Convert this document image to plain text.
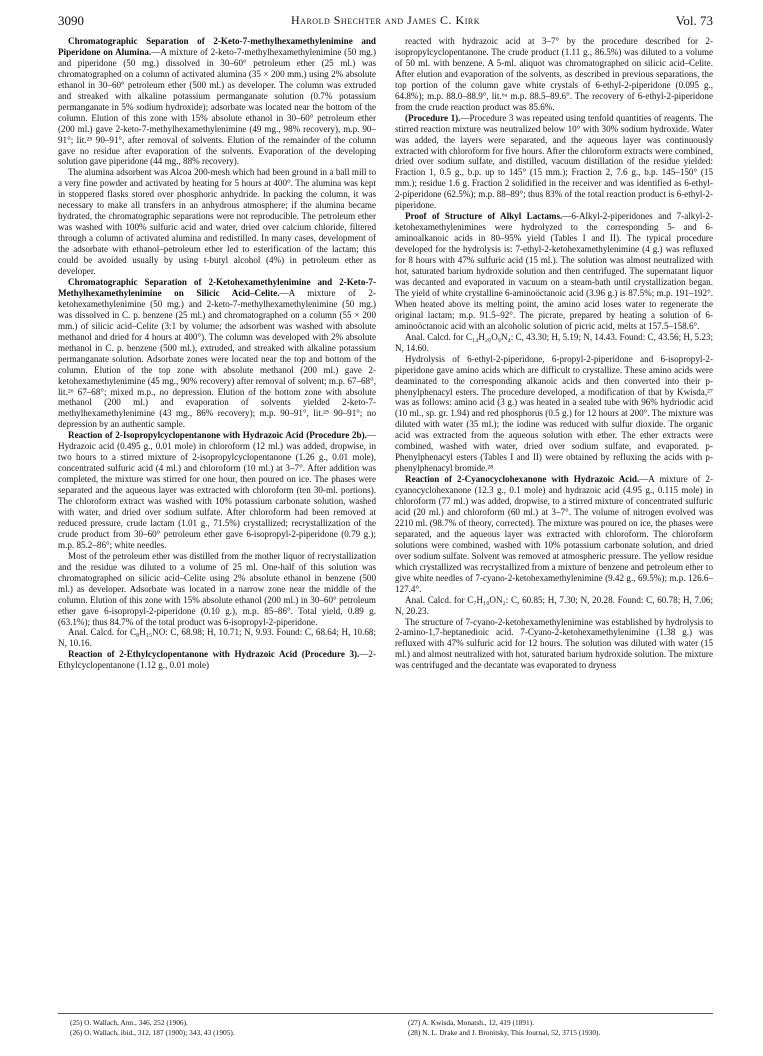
3090	Harold Shechter and James C. Kirk	Vol. 73

Chromatographic Separation of 2-Keto-7-methylhexamethylenimine and Piperidone on Alumina.—A mixture of 2-keto-7-methylhexamethylenimine (50 mg.) and piperidone (50 mg.) dissolved in 30–60° petroleum ether (25 ml.) was chromatographed on a column of activated alumina (35 × 200 mm.) using 2% absolute ethanol in 30–60° petroleum ether (500 ml.) as developer. The column was extruded and streaked with alkaline potassium permanganate solution (0.7% potassium permanganate in 5% sodium hydroxide); adsorbate was located near the bottom of the column. Elution of this zone with 15% absolute ethanol in 30–60° petroleum ether (200 ml.) gave 2-keto-7-methylhexamethylenimine (49 mg., 98% recovery), m.p. 90–91°; lit.²⁵ 90–91°, after removal of solvents. Elution of the remainder of the column gave no residue after evaporation of the solvents. Evaporation of the developing solution gave piperidone (44 mg., 88% recovery).

The alumina adsorbent was Alcoa 200-mesh which had been ground in a ball mill to a very fine powder and activated by heating for 5 hours at 400°. The alumina was kept in stoppered flasks stored over phosphoric anhydride. In packing the column, it was necessary to make all transfers in an anhydrous atmosphere; if the alumina became hydrated, the chromatographic separations were not reproducible. The petroleum ether was washed with 100% sulfuric acid and water, dried over calcium chloride, filtered through a column of activated alumina and redistilled. In many cases, development of the adsorbate with ethanol–petroleum ether led to esterification of the lactam; this could be avoided usually by using t-butyl alcohol (4%) in petroleum ether as developer.

Chromatographic Separation of 2-Ketohexamethylenimine and 2-Keto-7-Methylhexamethylenimine on Silicic Acid–Celite.—A mixture of 2-ketohexamethylenimine (50 mg.) and 2-keto-7-methylhexamethylenimine (50 mg.) was dissolved in C. p. benzene (25 ml.) and chromatographed on a column (55 × 200 mm.) of silicic acid–Celite (3:1 by volume; the adsorbent was washed with absolute methanol and dried for 4 hours at 400°). The column was developed with 2% absolute methanol in C. p. benzene (500 ml.), extruded, and streaked with alkaline potassium permanganate solution. Adsorbate zones were located near the top and bottom of the column. Elution of the top zone with absolute methanol (200 ml.) gave 2-ketohexamethylenimine (45 mg., 90% recovery) after removal of solvent; m.p. 67–68°, lit.²⁶ 67–68°; mixed m.p., no depression. Elution of the bottom zone with absolute methanol (200 ml.) and evaporation of solvents yielded 2-keto-7-methylhexamethylenimine (43 mg., 86% recovery); m.p. 90–91°, lit.²⁵ 90–91°; no depression by an authentic sample.

Reaction of 2-Isopropylcyclopentanone with Hydrazoic Acid (Procedure 2b).—Hydrazoic acid (0.495 g., 0.01 mole) in chloroform (12 ml.) was added, dropwise, in two hours to a stirred mixture of 2-isopropylcyclopentanone (1.26 g., 0.01 mole), concentrated sulfuric acid (4 ml.) and chloroform (10 ml.) at 3–7°. After addition was completed, the mixture was stirred for one hour, then poured on ice. The phases were separated and the aqueous layer was extracted with chloroform (ten 30-ml. portions). The chloroform extract was washed with 10% potassium carbonate solution, washed with water, and dried over sodium sulfate. After chloroform had been removed at reduced pressure, crude lactam (1.01 g., 71.5%) crystallized; recrystallization of the crude product from 30–60° petroleum ether gave 6-isopropyl-2-piperidone (0.79 g.); m.p. 85.2–86°; white needles.

Most of the petroleum ether was distilled from the mother liquor of recrystallization and the residue was diluted to a volume of 25 ml. One-half of this solution was chromatographed on silicic acid–Celite using 2% absolute ethanol in benzene (500 ml.) as developer. Adsorbate was located in a narrow zone near the middle of the column. Elution of this zone with 15% absolute ethanol (200 ml.) in 30–60° petroleum ether gave 6-isopropyl-2-piperidone (0.10 g.), m.p. 85–86°. Total yield, 0.89 g. (63.1%); thus 84.7% of the total product was 6-isopropyl-2-piperidone.

Anal. Calcd. for C₈H₁₅NO: C, 68.98; H, 10.71; N, 9.93. Found: C, 68.64; H, 10.68; N, 10.16.

Reaction of 2-Ethylcyclopentanone with Hydrazoic Acid (Procedure 3).—2-Ethylcyclopentanone (1.12 g., 0.01 mole)

reacted with hydrazoic acid at 3–7° by the procedure described for 2-isopropylcyclopentanone. The crude product (1.11 g., 86.5%) was diluted to a volume of 50 ml. with benzene. A 5-ml. aliquot was chromatographed on silicic acid–Celite. After elution and evaporation of the solvents, as described in previous separations, the top portion of the column gave white crystals of 6-ethyl-2-piperidone (0.095 g., 64.8%); m.p. 88.0–88.9°, lit.⁶ᵃ m.p. 88.5–89.6°. The recovery of 6-ethyl-2-piperidone from the crude reaction product was 85.6%.

(Procedure 1).—Procedure 3 was repeated using tenfold quantities of reagents. The stirred reaction mixture was neutralized below 10° with 30% sodium hydroxide. Water was added, the layers were separated, and the aqueous layer was continuously extracted with chloroform for five hours. After the chloroform extracts were combined, dried over sodium sulfate, and distilled, vacuum distillation of the residue yielded: Fraction 1, 0.5 g., b.p. up to 145° (15 mm.); Fraction 2, 7.6 g., b.p. 145–150° (15 mm.); residue 1.6 g. Fraction 2 solidified in the receiver and was identified as 6-ethyl-2-piperidone (62.5%); m.p. 88–89°; thus 83% of the total reaction product is 6-ethyl-2-piperidone.

Proof of Structure of Alkyl Lactams.—6-Alkyl-2-piperidones and 7-alkyl-2-ketohexamethylenimines were hydrolyzed to the corresponding 5- and 6-aminoalkanoic acids in 80–95% yield (Tables I and II). The typical procedure developed for the hydrolysis is: 7-ethyl-2-ketohexamethylenimine (4 g.) was refluxed for 8 hours with 47% sulfuric acid (15 ml.). The solution was almost neutralized with hot, saturated barium hydroxide solution and then centrifuged. The supernatant liquor was decanted and evaporated in vacuum on a steam-bath until crystallization began. The yield of white crystalline 6-aminoöctanoic acid (3.96 g.) is 87.5%; m.p. 191–192°. When heated above its melting point, the amino acid loses water to regenerate the original lactam; m.p. 91.5–92°. The picrate, prepared by heating a solution of 6-aminoöctanoic acid with an alcoholic solution of picric acid, melts at 157.5–158.6°.

Anal. Calcd. for C₁₄H₂₀O₉N₄: C, 43.30; H, 5.19; N, 14.43. Found: C, 43.56; H, 5.23; N, 14.60.

Hydrolysis of 6-ethyl-2-piperidone, 6-propyl-2-piperidone and 6-isopropyl-2-piperidone gave amino acids which are difficult to crystallize. These amino acids were deaminated to the corresponding alkanoic acids and then converted into their p-phenylphenacyl esters. The procedure developed, a modification of that by Kwisda,²⁷ was as follows: amino acid (3 g.) was heated in a sealed tube with 96% hydriodic acid (10 ml., sp. gr. 1.94) and red phosphorus (0.5 g.) for 12 hours at 200°. The mixture was diluted with water (35 ml.); the iodine was reduced with sulfur dioxide. The organic acid was extracted from the aqueous solution with ether. The ether extracts were combined, washed with water, dried over sodium sulfate, and evaporated. p-Phenylphenacyl esters (Tables I and II) were obtained by refluxing the acids with p-phenylphenacyl bromide.²⁸

Reaction of 2-Cyanocyclohexanone with Hydrazoic Acid.—A mixture of 2-cyanocyclohexanone (12.3 g., 0.1 mole) and hydrazoic acid (4.95 g., 0.115 mole) in chloroform (77 ml.) was added, dropwise, to a stirred mixture of concentrated sulfuric acid (20 ml.) and chloroform (60 ml.) at 3–7°. The volume of nitrogen evolved was 2210 ml. (98.7% of theory, corrected). The mixture was poured on ice, the phases were separated, and the aqueous layer was extracted with chloroform. The chloroform solutions were combined, washed with 10% potassium carbonate solution, and dried over sodium sulfate. Solvent was removed at atmospheric pressure. The yellow residue which crystallized was recrystallized from a mixture of benzene and petroleum ether to give white needles of 7-cyano-2-ketohexamethylenimine (9.42 g., 69.5%); m.p. 126.6–127.4°.

Anal. Calcd. for C₇H₁₀ON₂: C, 60.85; H, 7.30; N, 20.28. Found: C, 60.78; H, 7.06; N, 20.23.

The structure of 7-cyano-2-ketohexamethylenimine was established by hydrolysis to 2-amino-1,7-heptanedioic acid. 7-Cyano-2-ketohexamethylenimine (1.38 g.) was refluxed with 47% sulfuric acid for 12 hours. The solution was diluted with water (15 ml.) and almost neutralized with hot, saturated barium hydroxide solution. The mixture was centrifuged and the decantate was evaporated to dryness

(25) O. Wallach, Ann., 346, 252 (1906).
(26) O. Wallach, ibid., 312, 187 (1900); 343, 43 (1905).
(27) A. Kwisda, Monatsh., 12, 419 (1891).
(28) N. L. Drake and J. Bronitsky, This Journal, 52, 3715 (1930).
